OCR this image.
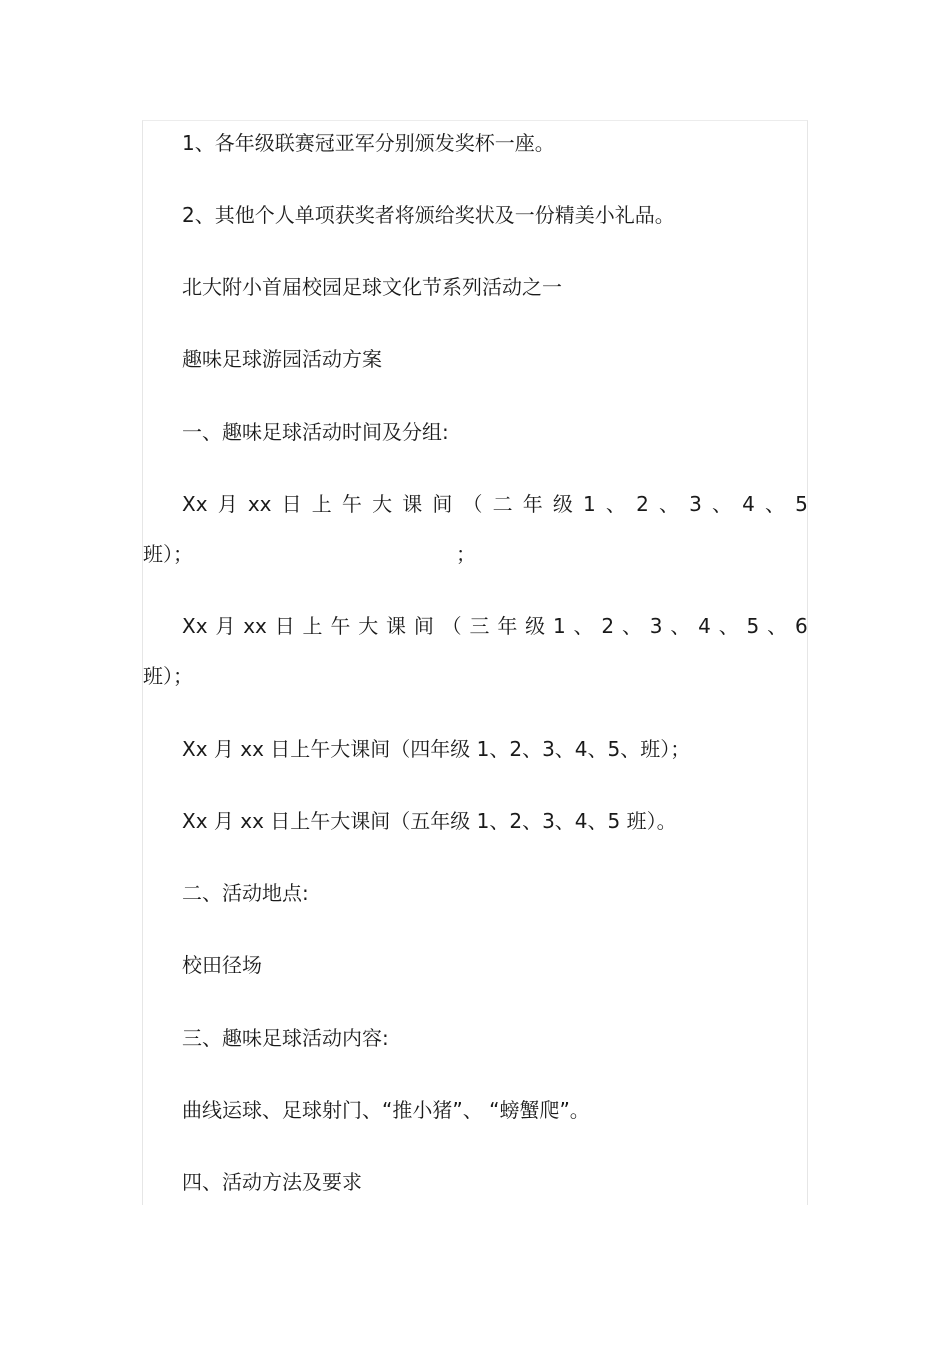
1、各年级联赛冠亚军分别颁发奖杯一座。
2、其他个人单项获奖者将颁给奖状及一份精美小礼品。
北大附小首届校园足球文化节系列活动之一
趣味足球游园活动方案
一、趣味足球活动时间及分组:
Xx 月 xx 日 上 午 大 课 间 （ 二 年 级 1 、 2 、 3 、 4 、 5
班）；	；
Xx 月 xx 日 上 午 大 课 间 （ 三 年 级 1 、 2 、 3 、 4 、 5 、 6
班）；
Xx 月 xx 日上午大课间（四年级 1、2、3、4、5、班）；
Xx 月 xx 日上午大课间（五年级 1、2、3、4、5 班）。
二、活动地点:
校田径场
三、趣味足球活动内容:
曲线运球、足球射门、“推小猪”、 “螃蟹爬”。
四、活动方法及要求
